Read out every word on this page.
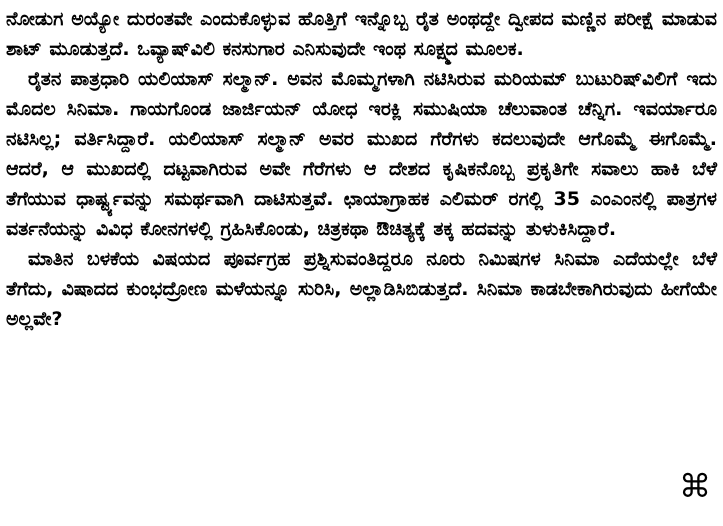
ನೋಡುಗ ಅಯ್ಯೋ ದುರಂತವೇ ಎಂದುಕೊಳ್ಳುವ ಹೊತ್ತಿಗೆ ಇನ್ನೊಬ್ಬ ರೈತ ಅಂಥದ್ದೇ ದ್ವೀಪದ ಮಣ್ಣಿನ ಪರೀಕ್ಷೆ ಮಾಡುವ ಶಾಟ್ ಮೂಡುತ್ತದೆ. ಒವ್ಯಾಷ್‌ವಿಲಿ ಕನಸುಗಾರ ಎನಿಸುವುದೇ ಇಂಥ ಸೂಕ್ಷ್ಮದ ಮೂಲಕ.

ರೈತನ ಪಾತ್ರಧಾರಿ ಯಲಿಯಾಸ್ ಸಲ್ಮಾನ್. ಅವನ ಮೊಮ್ಮಗಳಾಗಿ ನಟಿಸಿರುವ ಮರಿಯಮ್ ಬುಟುರಿಷ್‌ವಿಲಿಗೆ ಇದು ಮೊದಲ ಸಿನಿಮಾ. ಗಾಯಗೊಂಡ ಜಾರ್ಜಿಯನ್ ಯೋಧ ಇರಕ್ಲಿ ಸಮುಷಿಯಾ ಚೆಲುವಾಂತ ಚೆನ್ನಿಗ. ಇವರ್ಯಾರೂ ನಟಿಸಿಲ್ಲ; ವರ್ತಿಸಿದ್ದಾರೆ. ಯಲಿಯಾಸ್ ಸಲ್ಮಾನ್ ಅವರ ಮುಖದ ಗೆರೆಗಳು ಕದಲುವುದೇ ಆಗೊಮ್ಮೆ ಈಗೊಮ್ಮೆ. ಆದರೆ, ಆ ಮುಖದಲ್ಲಿ ದಟ್ಟವಾಗಿರುವ ಅವೇ ಗೆರೆಗಳು ಆ ದೇಶದ ಕೃಷಿಕನೊಬ್ಬ ಪ್ರಕೃತಿಗೇ ಸವಾಲು ಹಾಕಿ ಬೆಳೆ ತೆಗೆಯುವ ಧಾರ್ಷ್ಟ್ಯವನ್ನು ಸಮರ್ಥವಾಗಿ ದಾಟಿಸುತ್ತವೆ. ಛಾಯಾಗ್ರಾಹಕ ಎಲಿಮರ್ ರಗಲ್ಲಿ 35 ಎಂಎಂನಲ್ಲಿ ಪಾತ್ರಗಳ ವರ್ತನೆಯನ್ನು ವಿವಿಧ ಕೋನಗಳಲ್ಲಿ ಗ್ರಹಿಸಿಕೊಂಡು, ಚಿತ್ರಕಥಾ ಔಚಿತ್ಯಕ್ಕೆ ತಕ್ಕ ಹದವನ್ನು ತುಳುಕಿಸಿದ್ದಾರೆ.

ಮಾತಿನ ಬಳಕೆಯ ವಿಷಯದ ಪೂರ್ವಗ್ರಹ ಪ್ರಶ್ನಿಸುವಂತಿದ್ದರೂ ನೂರು ನಿಮಿಷಗಳ ಸಿನಿಮಾ ಎದೆಯಲ್ಲೇ ಬೆಳೆ ತೆಗೆದು, ವಿಷಾದದ ಕುಂಭದ್ರೋಣ ಮಳೆಯನ್ನೂ ಸುರಿಸಿ, ಅಲ್ಲಾಡಿಸಿಬಿಡುತ್ತದೆ. ಸಿನಿಮಾ ಕಾಡಬೇಕಾಗಿರುವುದು ಹೀಗೆಯೇ ಅಲ್ಲವೇ?

⌘
